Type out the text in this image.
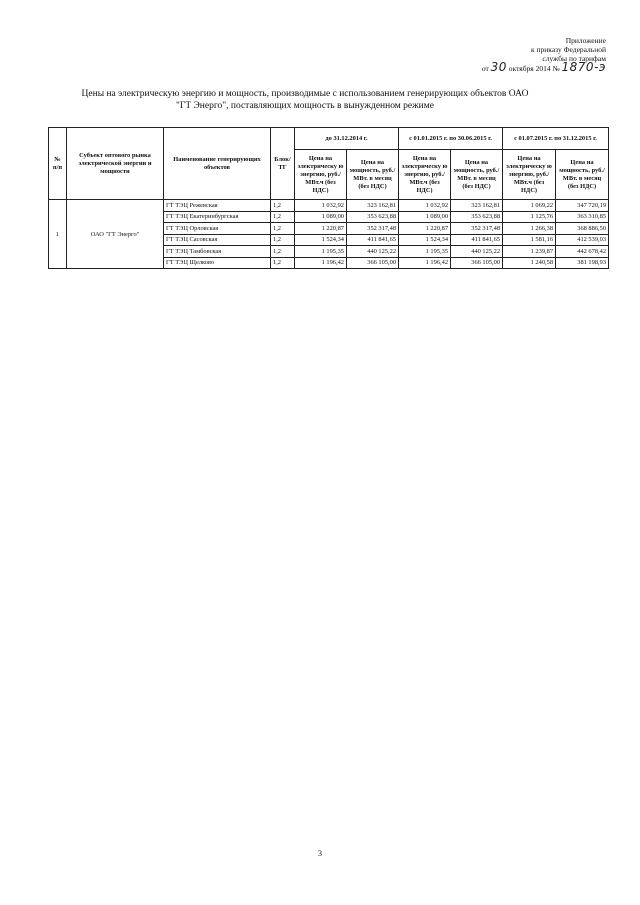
Приложение
к приказу Федеральной
службы по тарифам
от 30 октября 2014 № 1870-э
Цены на электрическую энергию и мощность, производимые с использованием генерирующих объектов ОАО
"ГТ Энерго", поставляющих мощность в вынужденном режиме
№ п/п	Субъект оптового рынка электрической энергии и мощности	Наименование генерирующих объектов	Блок/ ТГ	до 31.12.2014 г.		с 01.01.2015 г. по 30.06.2015 г.		с 01.07.2015 г. по 31.12.2015 г.	

				Цена на электрическу ю энергию, руб./МВт.ч (без НДС)	Цена на мощность, руб./МВт. в месяц (без НДС)	Цена на электрическу ю энергию, руб./МВт.ч (без НДС)	Цена на мощность, руб./МВт. в месяц (без НДС)	Цена на электрическу ю энергию, руб./МВт.ч (без НДС)	Цена на мощность, руб./МВт. в месяц (без НДС)
1	ОАО "ГТ Энерго"	ГТ ТЭЦ Режевская	1,2	1 032,92	323 162,81	1 032,92	323 162,81	1 069,22	347 720,19
		ГТ ТЭЦ Екатеринбургская	1,2	1 089,00	353 623,88	1 089,00	353 623,88	1 125,76	363 310,85
		ГТ ТЭЦ Орловская	1,2	1 220,87	352 317,48	1 220,87	352 317,48	1 266,38	368 886,50
		ГТ ТЭЦ Сасовская	1,2	1 524,34	411 841,65	1 524,34	411 841,65	1 581,16	412 539,03
		ГТ ТЭЦ Тамбовская	1,2	1 195,35	440 125,22	1 195,35	440 125,22	1 239,87	442 678,42
		ГТ ТЭЦ Щелково	1,2	1 196,42	366 105,00	1 196,42	366 105,00	1 240,58	381 198,93
3
